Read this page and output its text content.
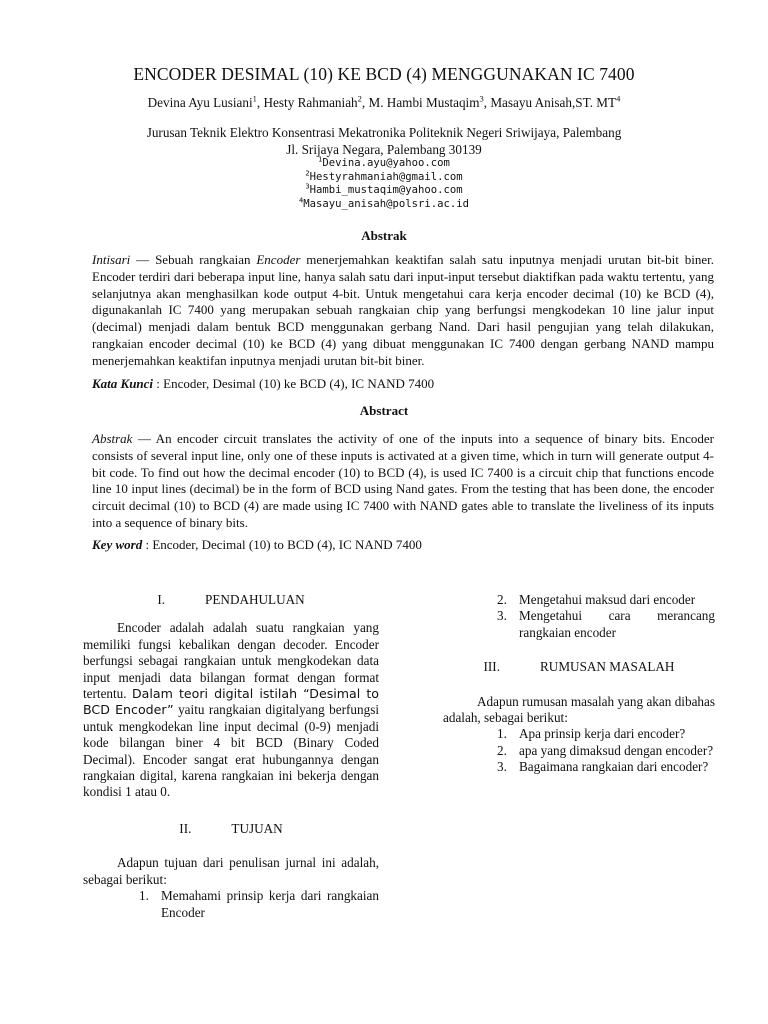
ENCODER DESIMAL (10) KE BCD (4) MENGGUNAKAN IC 7400
Devina Ayu Lusiani$^1$, Hesty Rahmaniah$^2$, M. Hambi Mustaqim$^3$, Masayu Anisah,ST. $MT^4$
Jurusan Teknik Elektro Konsentrasi Mekatronika Politeknik Negeri Sriwijaya, Palembang
Jl. Srijaya Negara, Palembang 30139
$^1$Devina.ayu@yahoo.com
$^2$Hestyrahmaniah@gmail.com
$^3$Hambi_mustaqim@yahoo.com
$^4$Masayu_anisah@polsri.ac.id
Abstrak
Intisari — Sebuah rangkaian Encoder menerjemahkan keaktifan salah satu inputnya menjadi urutan bit-bit biner. Encoder terdiri dari beberapa input line, hanya salah satu dari input-input tersebut diaktifkan pada waktu tertentu, yang selanjutnya akan menghasilkan kode output 4-bit. Untuk mengetahui cara kerja encoder decimal (10) ke BCD (4), digunakanlah IC 7400 yang merupakan sebuah rangkaian chip yang berfungsi mengkodekan 10 line jalur input (decimal) menjadi dalam bentuk BCD menggunakan gerbang Nand. Dari hasil pengujian yang telah dilakukan, rangkaian encoder decimal (10) ke BCD (4) yang dibuat menggunakan IC 7400 dengan gerbang NAND mampu menerjemahkan keaktifan inputnya menjadi urutan bit-bit biner.
Kata Kunci : Encoder, Desimal (10) ke BCD (4), IC NAND 7400
Abstract
Abstrak — An encoder circuit translates the activity of one of the inputs into a sequence of binary bits. Encoder consists of several input line, only one of these inputs is activated at a given time, which in turn will generate output 4-bit code. To find out how the decimal encoder (10) to BCD (4), is used IC 7400 is a circuit chip that functions encode line 10 input lines (decimal) be in the form of BCD using Nand gates. From the testing that has been done, the encoder circuit decimal (10) to BCD (4) are made using IC 7400 with NAND gates able to translate the liveliness of its inputs into a sequence of binary bits.
Key word : Encoder, Decimal (10) to BCD (4), IC NAND 7400
I.	PENDAHULUAN
Encoder adalah adalah suatu rangkaian yang memiliki fungsi kebalikan dengan decoder. Encoder berfungsi sebagai rangkaian untuk mengkodekan data input menjadi data bilangan format dengan format tertentu. Dalam teori digital istilah “Desimal to BCD Encoder” yaitu rangkaian digitalyang berfungsi untuk mengkodekan line input decimal (0-9) menjadi kode bilangan biner 4 bit BCD (Binary Coded Decimal). Encoder sangat erat hubungannya dengan rangkaian digital, karena rangkaian ini bekerja dengan kondisi 1 atau 0.
II.	TUJUAN
Adapun tujuan dari penulisan jurnal ini adalah, sebagai berikut:
1. Memahami prinsip kerja dari rangkaian Encoder
2. Mengetahui maksud dari encoder
3. Mengetahui cara merancang rangkaian encoder
III.	RUMUSAN MASALAH
Adapun rumusan masalah yang akan dibahas adalah, sebagai berikut:
1. Apa prinsip kerja dari encoder?
2. apa yang dimaksud dengan encoder?
3. Bagaimana rangkaian dari encoder?
